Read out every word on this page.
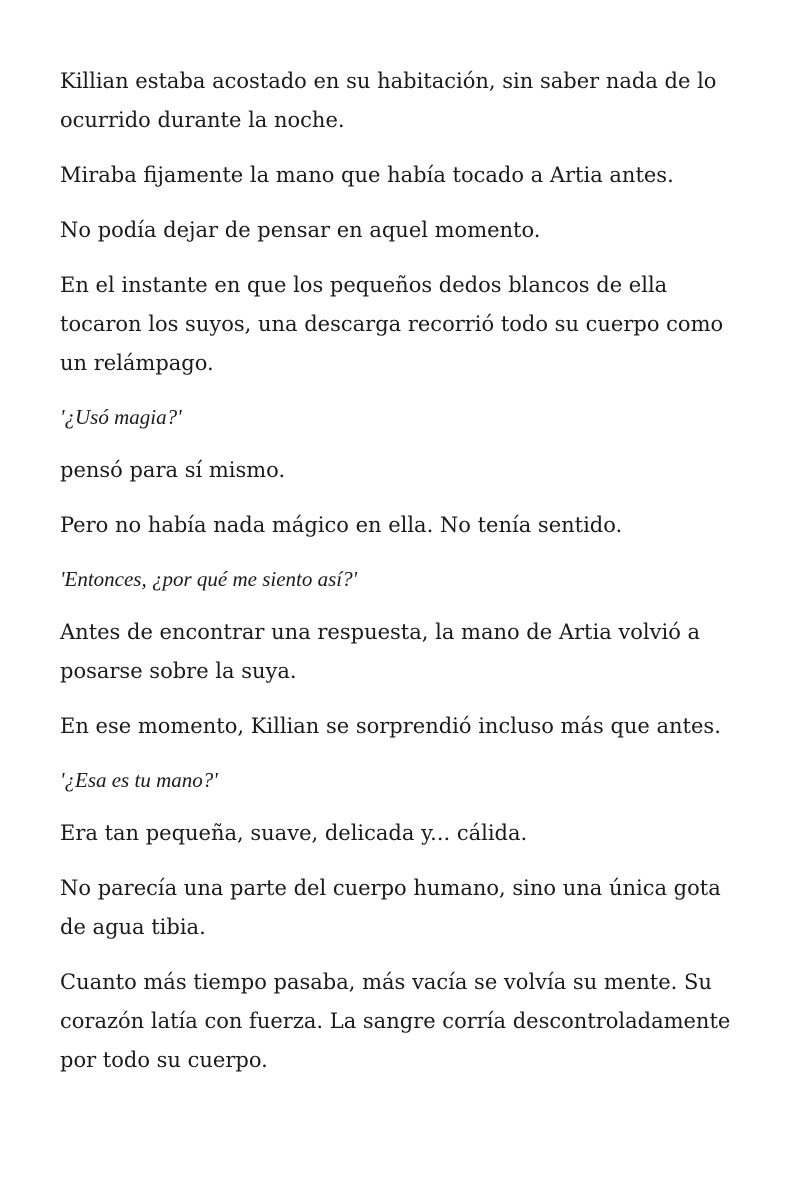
Killian estaba acostado en su habitación, sin saber nada de lo ocurrido durante la noche.

Miraba fijamente la mano que había tocado a Artia antes.

No podía dejar de pensar en aquel momento.

En el instante en que los pequeños dedos blancos de ella tocaron los suyos, una descarga recorrió todo su cuerpo como un relámpago.

'¿Usó magia?'

pensó para sí mismo.

Pero no había nada mágico en ella. No tenía sentido.

'Entonces, ¿por qué me siento así?'

Antes de encontrar una respuesta, la mano de Artia volvió a posarse sobre la suya.

En ese momento, Killian se sorprendió incluso más que antes.

'¿Esa es tu mano?'

Era tan pequeña, suave, delicada y... cálida.

No parecía una parte del cuerpo humano, sino una única gota de agua tibia.

Cuanto más tiempo pasaba, más vacía se volvía su mente. Su corazón latía con fuerza. La sangre corría descontroladamente por todo su cuerpo.
